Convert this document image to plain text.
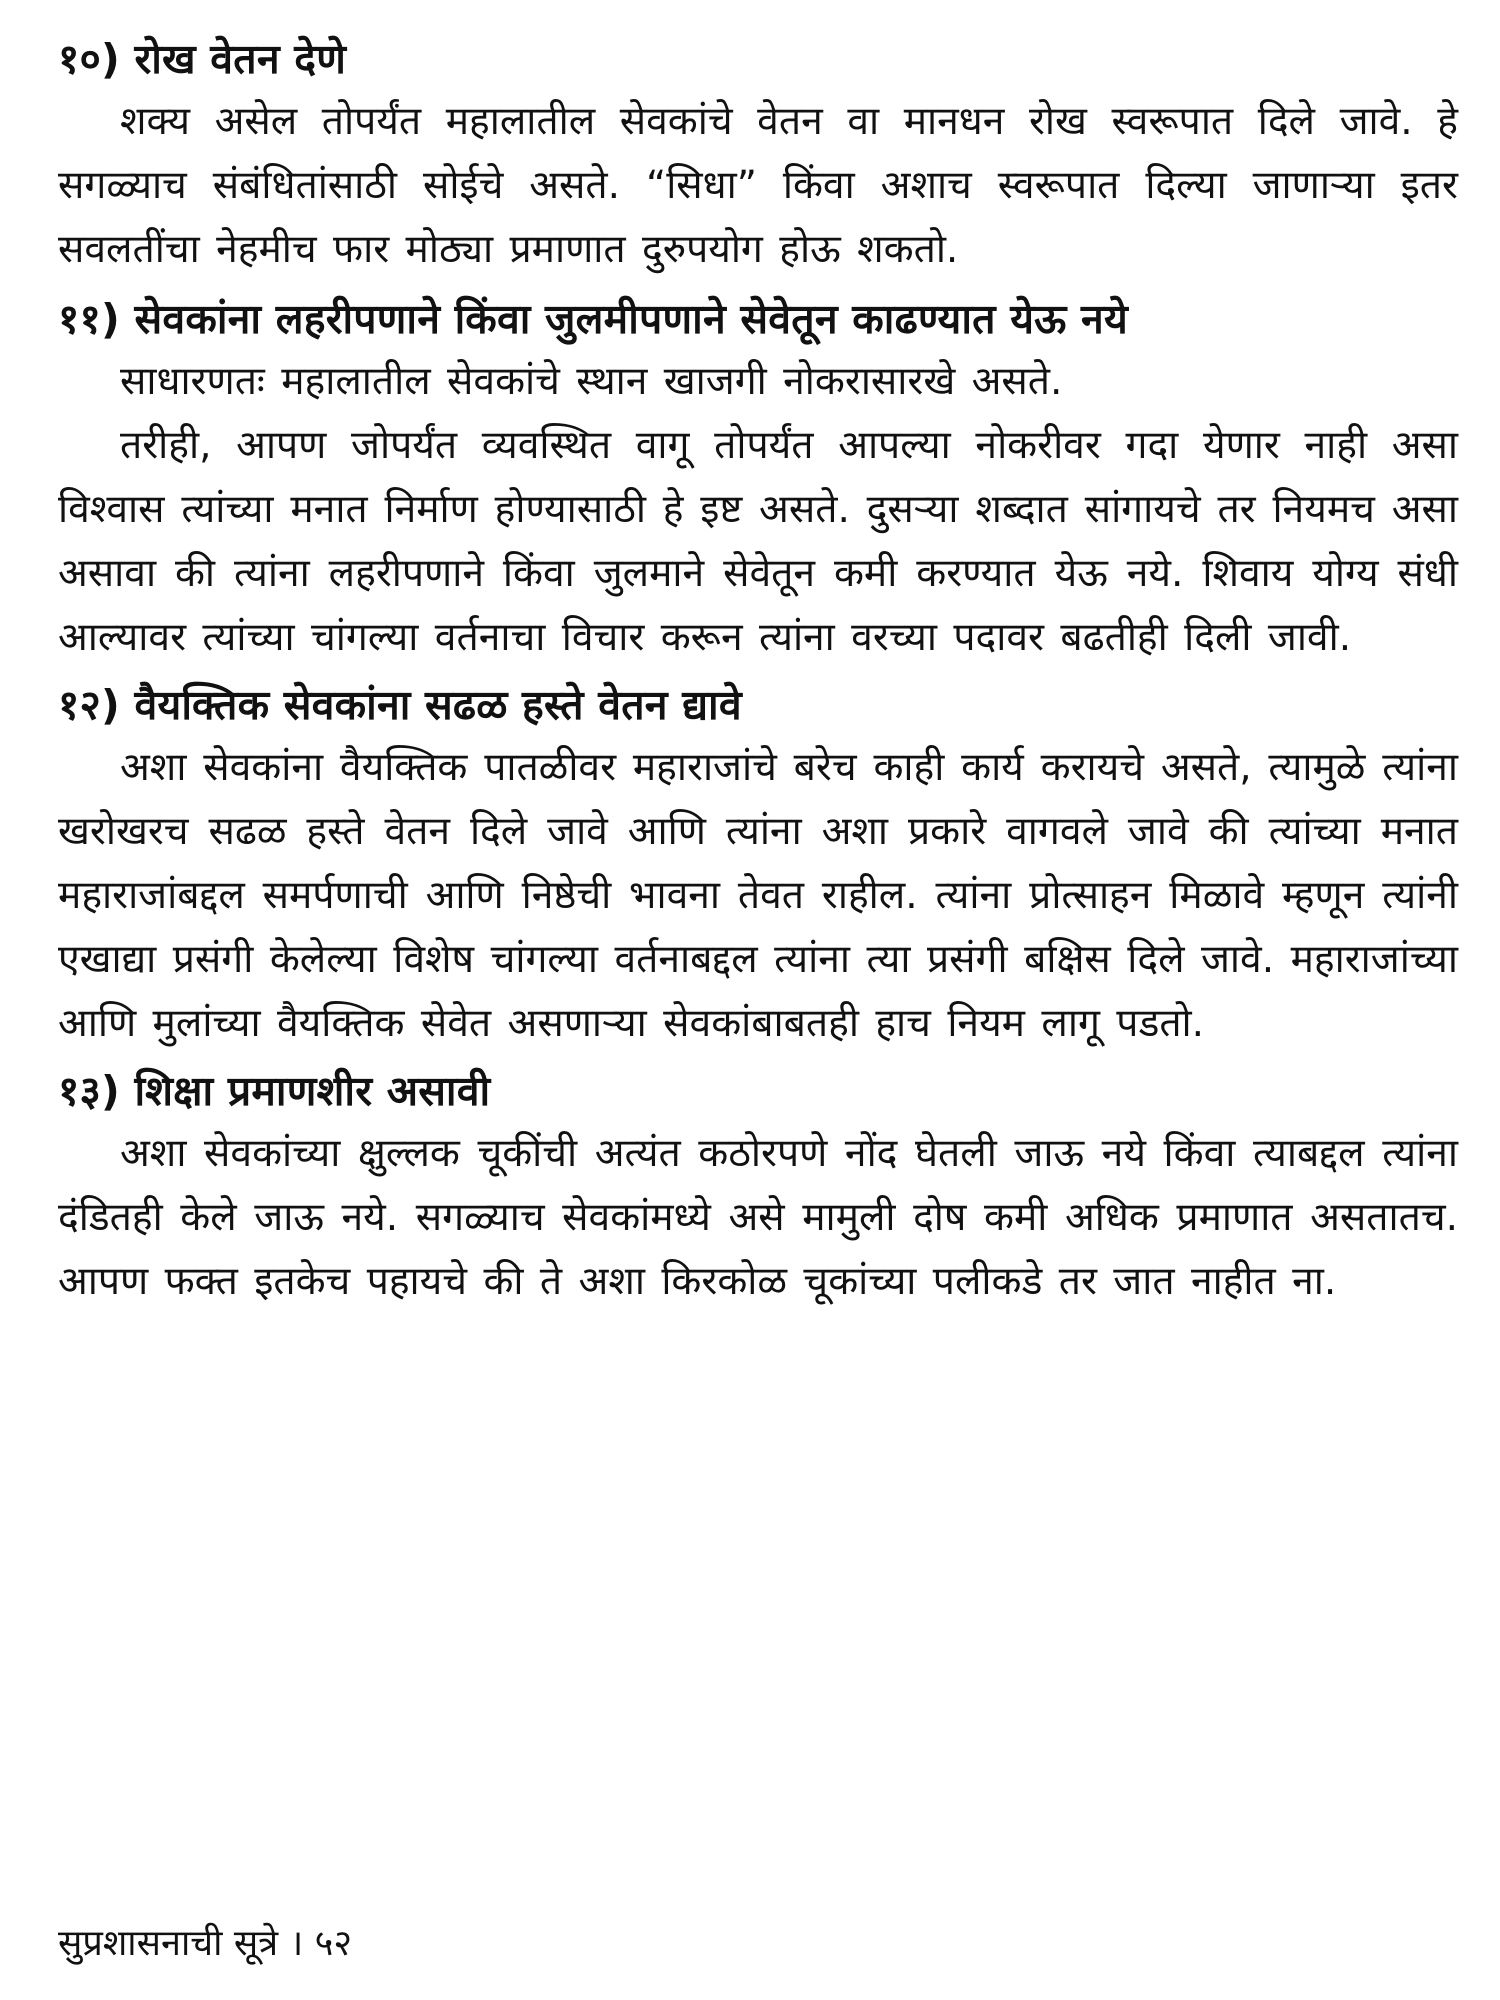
१०) रोख वेतन देणे

शक्य असेल तोपर्यंत महालातील सेवकांचे वेतन वा मानधन रोख स्वरूपात दिले जावे. हे सगळ्याच संबंधितांसाठी सोईचे असते. “सिधा” किंवा अशाच स्वरूपात दिल्या जाणाऱ्या इतर सवलतींचा नेहमीच फार मोठ्या प्रमाणात दुरुपयोग होऊ शकतो.

११) सेवकांना लहरीपणाने किंवा जुलमीपणाने सेवेतून काढण्यात येऊ नये

साधारणतः महालातील सेवकांचे स्थान खाजगी नोकरासारखे असते.

तरीही, आपण जोपर्यंत व्यवस्थित वागू तोपर्यंत आपल्या नोकरीवर गदा येणार नाही असा विश्वास त्यांच्या मनात निर्माण होण्यासाठी हे इष्ट असते. दुसऱ्या शब्दात सांगायचे तर नियमच असा असावा की त्यांना लहरीपणाने किंवा जुलमाने सेवेतून कमी करण्यात येऊ नये. शिवाय योग्य संधी आल्यावर त्यांच्या चांगल्या वर्तनाचा विचार करून त्यांना वरच्या पदावर बढतीही दिली जावी.

१२) वैयक्तिक सेवकांना सढळ हस्ते वेतन द्यावे

अशा सेवकांना वैयक्तिक पातळीवर महाराजांचे बरेच काही कार्य करायचे असते, त्यामुळे त्यांना खरोखरच सढळ हस्ते वेतन दिले जावे आणि त्यांना अशा प्रकारे वागवले जावे की त्यांच्या मनात महाराजांबद्दल समर्पणाची आणि निष्ठेची भावना तेवत राहील. त्यांना प्रोत्साहन मिळावे म्हणून त्यांनी एखाद्या प्रसंगी केलेल्या विशेष चांगल्या वर्तनाबद्दल त्यांना त्या प्रसंगी बक्षिस दिले जावे. महाराजांच्या आणि मुलांच्या वैयक्तिक सेवेत असणाऱ्या सेवकांबाबतही हाच नियम लागू पडतो.

१३) शिक्षा प्रमाणशीर असावी

अशा सेवकांच्या क्षुल्लक चूकींची अत्यंत कठोरपणे नोंद घेतली जाऊ नये किंवा त्याबद्दल त्यांना दंडितही केले जाऊ नये. सगळ्याच सेवकांमध्ये असे मामुली दोष कमी अधिक प्रमाणात असतातच. आपण फक्त इतकेच पहायचे की ते अशा किरकोळ चूकांच्या पलीकडे तर जात नाहीत ना.

सुप्रशासनाची सूत्रे । ५२
